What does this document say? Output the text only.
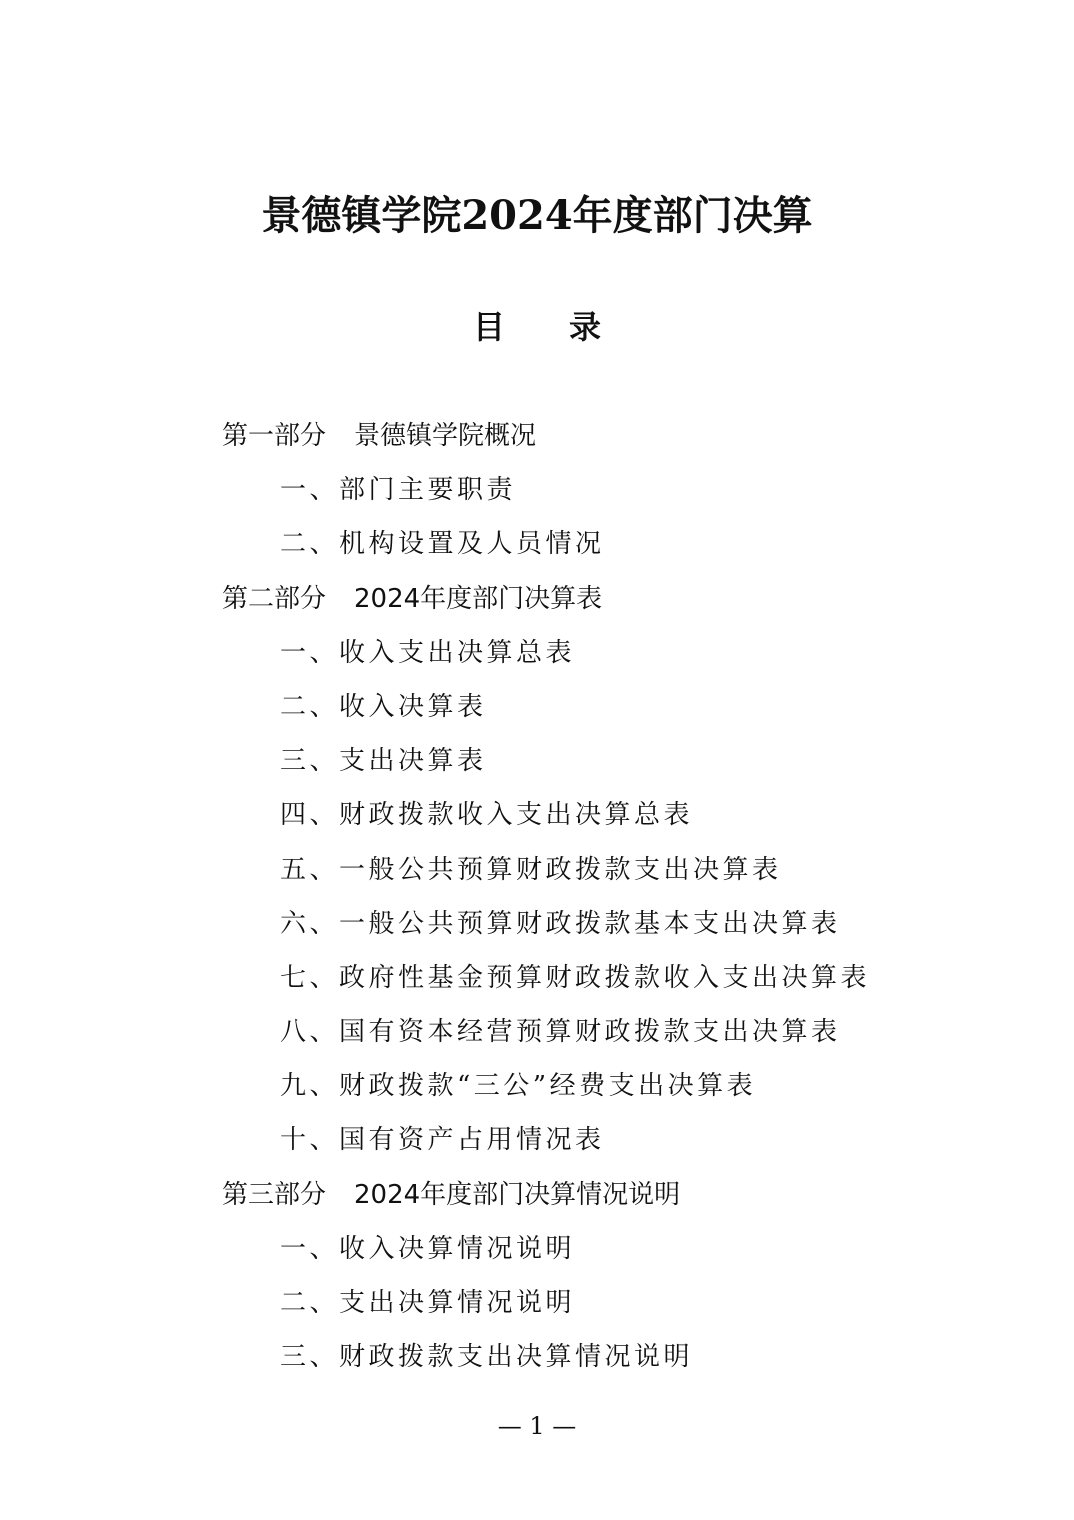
景德镇学院2024年度部门决算
目 录
第一部分 景德镇学院概况
一、部门主要职责
二、机构设置及人员情况
第二部分 2024年度部门决算表
一、收入支出决算总表
二、收入决算表
三、支出决算表
四、财政拨款收入支出决算总表
五、一般公共预算财政拨款支出决算表
六、一般公共预算财政拨款基本支出决算表
七、政府性基金预算财政拨款收入支出决算表
八、国有资本经营预算财政拨款支出决算表
九、财政拨款“三公”经费支出决算表
十、国有资产占用情况表
第三部分 2024年度部门决算情况说明
一、收入决算情况说明
二、支出决算情况说明
三、财政拨款支出决算情况说明
— 1 —
